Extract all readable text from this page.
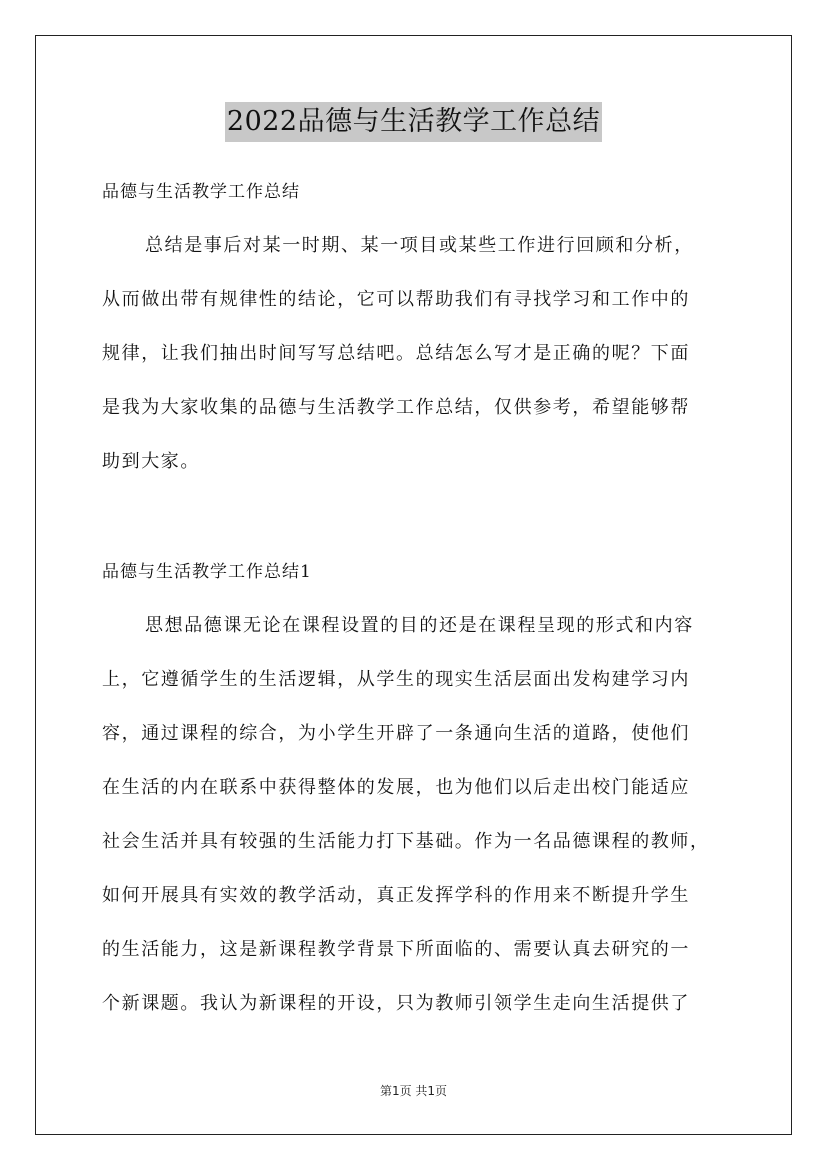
2022品德与生活教学工作总结
品德与生活教学工作总结
总结是事后对某一时期、某一项目或某些工作进行回顾和分析，
从而做出带有规律性的结论，它可以帮助我们有寻找学习和工作中的
规律，让我们抽出时间写写总结吧。总结怎么写才是正确的呢？下面
是我为大家收集的品德与生活教学工作总结，仅供参考，希望能够帮
助到大家。
品德与生活教学工作总结1
思想品德课无论在课程设置的目的还是在课程呈现的形式和内容
上，它遵循学生的生活逻辑，从学生的现实生活层面出发构建学习内
容，通过课程的综合，为小学生开辟了一条通向生活的道路，使他们
在生活的内在联系中获得整体的发展，也为他们以后走出校门能适应
社会生活并具有较强的生活能力打下基础。作为一名品德课程的教师，
如何开展具有实效的教学活动，真正发挥学科的作用来不断提升学生
的生活能力，这是新课程教学背景下所面临的、需要认真去研究的一
个新课题。我认为新课程的开设，只为教师引领学生走向生活提供了
第1页 共1页
